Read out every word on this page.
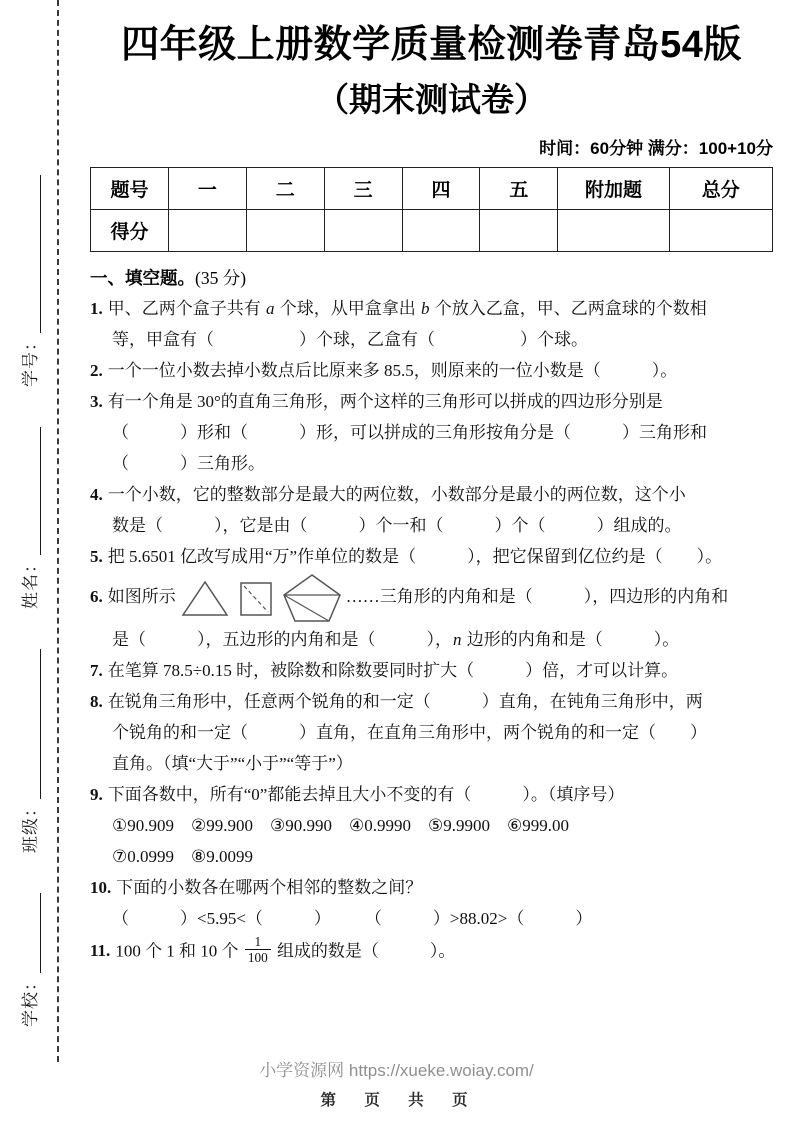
学校：
班级：
姓名：
学号：
四年级上册数学质量检测卷青岛54版
（期末测试卷）
时间：60分钟 满分：100+10分
题号	一	二	三	四	五	附加题	总分
得分							
一、填空题。(35 分)
1. 甲、乙两个盒子共有 a 个球，从甲盒拿出 b 个放入乙盒，甲、乙两盒球的个数相
等，甲盒有（　　　　　）个球，乙盒有（　　　　　）个球。
2. 一个一位小数去掉小数点后比原来多 85.5，则原来的一位小数是（　　　）。
3. 有一个角是 30°的直角三角形，两个这样的三角形可以拼成的四边形分别是
（　　　）形和（　　　）形，可以拼成的三角形按角分是（　　　）三角形和
（　　　）三角形。
4. 一个小数，它的整数部分是最大的两位数，小数部分是最小的两位数，这个小
数是（　　　），它是由（　　　）个一和（　　　）个（　　　）组成的。
5. 把 5.6501 亿改写成用“万”作单位的数是（　　　），把它保留到亿位约是（　　）。
6. 如图所示	……三角形的内角和是（　　　），四边形的内角和
是（　　　），五边形的内角和是（　　　），n 边形的内角和是（　　　）。
7. 在笔算 78.5÷0.15 时，被除数和除数要同时扩大（　　　）倍，才可以计算。
8. 在锐角三角形中，任意两个锐角的和一定（　　　）直角，在钝角三角形中，两
个锐角的和一定（　　　）直角，在直角三角形中，两个锐角的和一定（　　）
直角。（填“大于”“小于”“等于”）
9. 下面各数中，所有“0”都能去掉且大小不变的有（　　　）。（填序号）
①90.909　②99.900　③90.990　④0.9990　⑤9.9900　⑥999.00
⑦0.0999　⑧9.0099
10. 下面的小数各在哪两个相邻的整数之间？
（　　　）<5.95<（　　　）　　　（　　　）>88.02>（　　　）
11. 100 个 1 和 10 个 $\frac{1}{100}$ 组成的数是（　　　）。
小学资源网 https://xueke.woiay.com/
第 页 共 页
